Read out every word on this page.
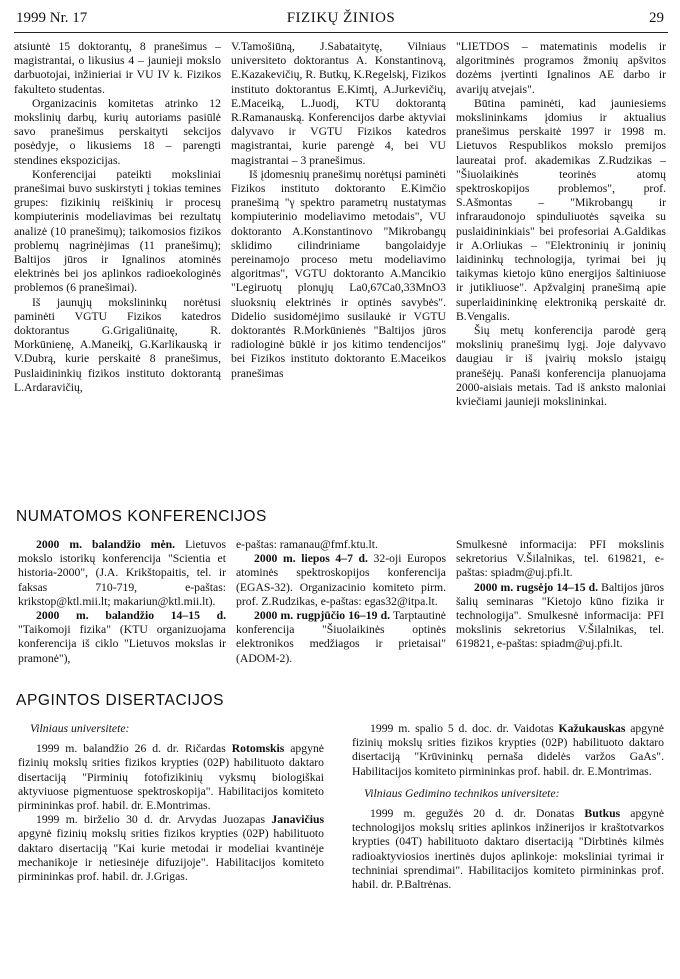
1999 Nr. 17	FIZIKŲ ŽINIOS	29

atsiuntė 15 doktorantų, 8 pranešimus – magistrantai, o likusius 4 – jaunieji mokslo darbuotojai, inžinieriai ir VU IV k. Fizikos fakulteto studentas.

Organizacinis komitetas atrinko 12 mokslinių darbų, kurių autoriams pasiūlė savo pranešimus perskaityti sekcijos posėdyje, o likusiems 18 – parengti stendines ekspozicijas.

Konferencijai pateikti moksliniai pranešimai buvo suskirstyti į tokias temines grupes: fizikinių reiškinių ir procesų kompiuterinis modeliavimas bei rezultatų analizė (10 pranešimų); taikomosios fizikos problemų nagrinėjimas (11 pranešimų); Baltijos jūros ir Ignalinos atominės elektrinės bei jos aplinkos radioekologinės problemos (6 pranešimai).

Iš jaunųjų mokslininkų norėtusi paminėti VGTU Fizikos katedros doktorantus G.Grigaliūnaitę, R. Morkūnienę, A.Maneikį, G.Karlikauską ir V.Dubrą, kurie perskaitė 8 pranešimus, Puslaidininkių fizikos instituto doktorantą L.Ardaravičių,

V.Tamošiūną, J.Sabataitytę, Vilniaus universiteto doktorantus A. Konstantinovą, E.Kazakevičių, R. Butkų, K.Regelskį, Fizikos instituto doktorantus E.Kimtį, A.Jurkevičių, E.Maceiką, L.Juodį, KTU doktorantą R.Ramanauską. Konferencijos darbe aktyviai dalyvavo ir VGTU Fizikos katedros magistrantai, kurie parengė 4, bei VU magistrantai – 3 pranešimus.

Iš įdomesnių pranešimų norėtųsi paminėti Fizikos instituto doktoranto E.Kimčio pranešimą "γ spektro parametrų nustatymas kompiuterinio modeliavimo metodais", VU doktoranto A.Konstantinovo "Mikrobangų sklidimo cilindriniame bangolaidyje pereinamojo proceso metu modeliavimo algoritmas", VGTU doktoranto A.Mancikio "Legiruotų plonųjų La0,67Ca0,33MnO3 sluoksnių elektrinės ir optinės savybės". Didelio susidomėjimo susilaukė ir VGTU doktorantės R.Morkūnienės "Baltijos jūros radiologinė būklė ir jos kitimo tendencijos" bei Fizikos instituto doktoranto E.Maceikos pranešimas

"LIETDOS – matematinis modelis ir algoritminės programos žmonių apšvitos dozėms įvertinti Ignalinos AE darbo ir avarijų atvejais".

Būtina paminėti, kad jauniesiems mokslininkams įdomius ir aktualius pranešimus perskaitė 1997 ir 1998 m. Lietuvos Respublikos mokslo premijos laureatai prof. akademikas Z.Rudzikas – "Šiuolaikinės teorinės atomų spektroskopijos problemos", prof. S.Ašmontas – "Mikrobangų ir infraraudonojo spinduliuotės sąveika su puslaidininkiais" bei profesoriai A.Galdikas ir A.Orliukas – "Elektroninių ir joninių laidininkų technologija, tyrimai bei jų taikymas kietojo kūno energijos šaltiniuose ir jutikliuose". Apžvalginį pranešimą apie superlaidininkinę elektroniką perskaitė dr. B.Vengalis.

Šių metų konferencija parodė gerą mokslinių pranešimų lygį. Joje dalyvavo daugiau ir iš įvairių mokslo įstaigų pranešėjų. Panaši konferencija planuojama 2000-aisiais metais. Tad iš anksto maloniai kviečiami jaunieji mokslininkai.

NUMATOMOS KONFERENCIJOS

2000 m. balandžio mėn. Lietuvos mokslo istorikų konferencija "Scientia et historia-2000", (J.A. Krikštopaitis, tel. ir faksas 710-719, e-paštas: krikstop@ktl.mii.lt; makariun@ktl.mii.lt).

2000 m. balandžio 14–15 d. "Taikomoji fizika" (KTU organizuojama konferencija iš ciklo "Lietuvos mokslas ir pramonė"),

e-paštas: ramanau@fmf.ktu.lt.

2000 m. liepos 4–7 d. 32-oji Europos atominės spektroskopijos konferencija (EGAS-32). Organizacinio komiteto pirm. prof. Z.Rudzikas, e-paštas: egas32@itpa.lt.

2000 m. rugpjūčio 16–19 d. Tarptautinė konferencija "Šiuolaikinės optinės elektronikos medžiagos ir prietaisai" (ADOM-2).

Smulkesnė informacija: PFI mokslinis sekretorius V.Šilalnikas, tel. 619821, e-paštas: spiadm@uj.pfi.lt.

2000 m. rugsėjo 14–15 d. Baltijos jūros šalių seminaras "Kietojo kūno fizika ir technologija". Smulkesnė informacija: PFI mokslinis sekretorius V.Šilalnikas, tel. 619821, e-paštas: spiadm@uj.pfi.lt.

APGINTOS DISERTACIJOS

Vilniaus universitete:

1999 m. balandžio 26 d. dr. Ričardas Rotomskis apgynė fizinių mokslų srities fizikos krypties (02P) habilituoto daktaro disertaciją "Pirminių fotofizikinių vyksmų biologiškai aktyviuose pigmentuose spektroskopija". Habilitacijos komiteto pirmininkas prof. habil. dr. E.Montrimas.

1999 m. birželio 30 d. dr. Arvydas Juozapas Janavičius apgynė fizinių mokslų srities fizikos krypties (02P) habilituoto daktaro disertaciją "Kai kurie metodai ir modeliai kvantinėje mechanikoje ir netiesinėje difuzijoje". Habilitacijos komiteto pirmininkas prof. habil. dr. J.Grigas.

1999 m. spalio 5 d. doc. dr. Vaidotas Kažukauskas apgynė fizinių mokslų srities fizikos krypties (02P) habilituoto daktaro disertaciją "Krūvininkų pernaša didelės varžos GaAs". Habilitacijos komiteto pirmininkas prof. habil. dr. E.Montrimas.

Vilniaus Gedimino technikos universitete:

1999 m. gegužės 20 d. dr. Donatas Butkus apgynė technologijos mokslų srities aplinkos inžinerijos ir kraštotvarkos krypties (04T) habilituoto daktaro disertaciją "Dirbtinės kilmės radioaktyviosios inertinės dujos aplinkoje: moksliniai tyrimai ir techniniai sprendimai". Habilitacijos komiteto pirmininkas prof. habil. dr. P.Baltrėnas.
